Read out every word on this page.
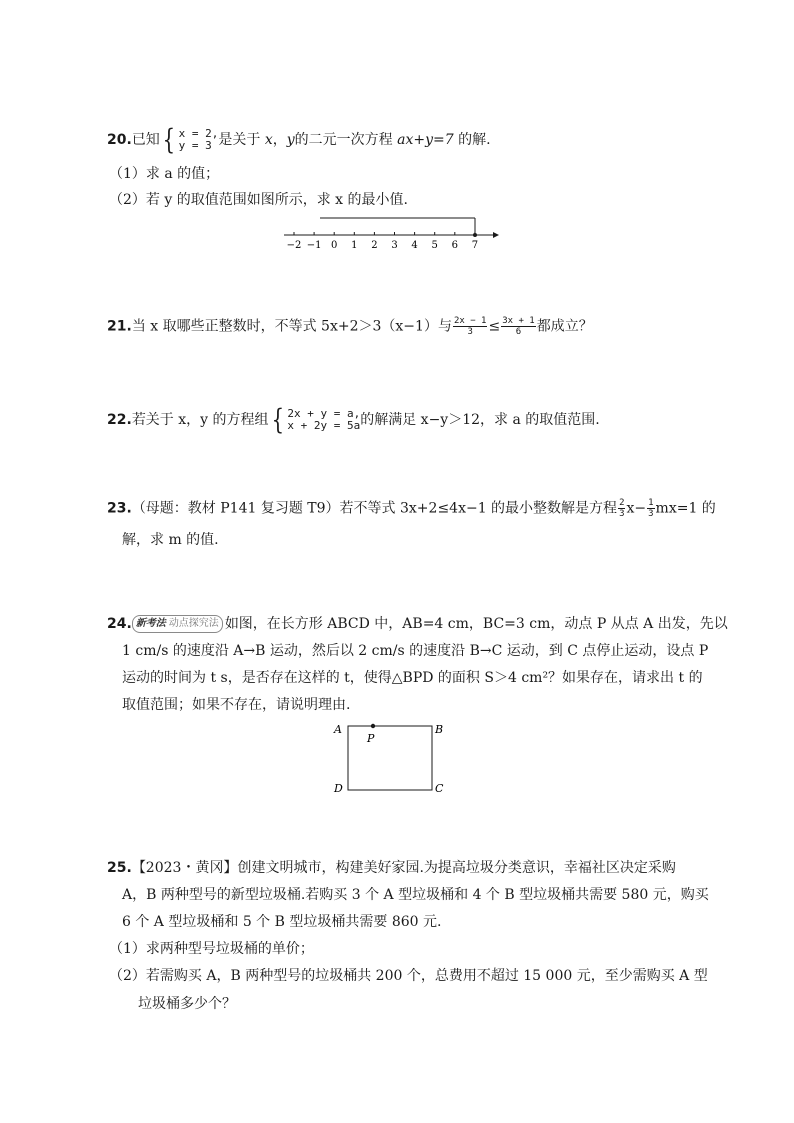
20.已知 { x = 2,
y = 3 是关于 x，y的二元一次方程 ax+y=7 的解.
（1）求 a 的值；
（2）若 y 的取值范围如图所示，求 x 的最小值.
−2 −1 0 1 2 3 4 5 6 7
21.当 x 取哪些正整数时，不等式 5x+2＞3（x−1）与 $\frac{2x - 1}{3} \le \frac{3x + 1}{6}$ 都成立？
22.若关于 x，y 的方程组 { 2x + y = a,
x + 2y = 5a 的解满足 x−y＞12，求 a 的取值范围.
23.（母题：教材 P141 复习题 T9）若不等式 3x+2≤4x−1 的最小整数解是方程 $\frac{2}{3} x- \frac{1}{3} mx=1$ 的
解，求 m 的值.
24. 新考法 动点探究法 如图，在长方形 ABCD 中，AB=4 cm，BC=3 cm，动点 P 从点 A 出发，先以
1 cm/s 的速度沿 A→B 运动，然后以 2 cm/s 的速度沿 B→C 运动，到 C 点停止运动，设点 P
运动的时间为 t s，是否存在这样的 t，使得△BPD 的面积 S＞4 cm²？如果存在，请求出 t 的
取值范围；如果不存在，请说明理由.
A	B
C
D
P
25.【2023・黄冈】创建文明城市，构建美好家园.为提高垃圾分类意识，幸福社区决定采购
A，B 两种型号的新型垃圾桶.若购买 3 个 A 型垃圾桶和 4 个 B 型垃圾桶共需要 580 元，购买
6 个 A 型垃圾桶和 5 个 B 型垃圾桶共需要 860 元.
（1）求两种型号垃圾桶的单价；
（2）若需购买 A，B 两种型号的垃圾桶共 200 个，总费用不超过 15 000 元，至少需购买 A 型
垃圾桶多少个？
